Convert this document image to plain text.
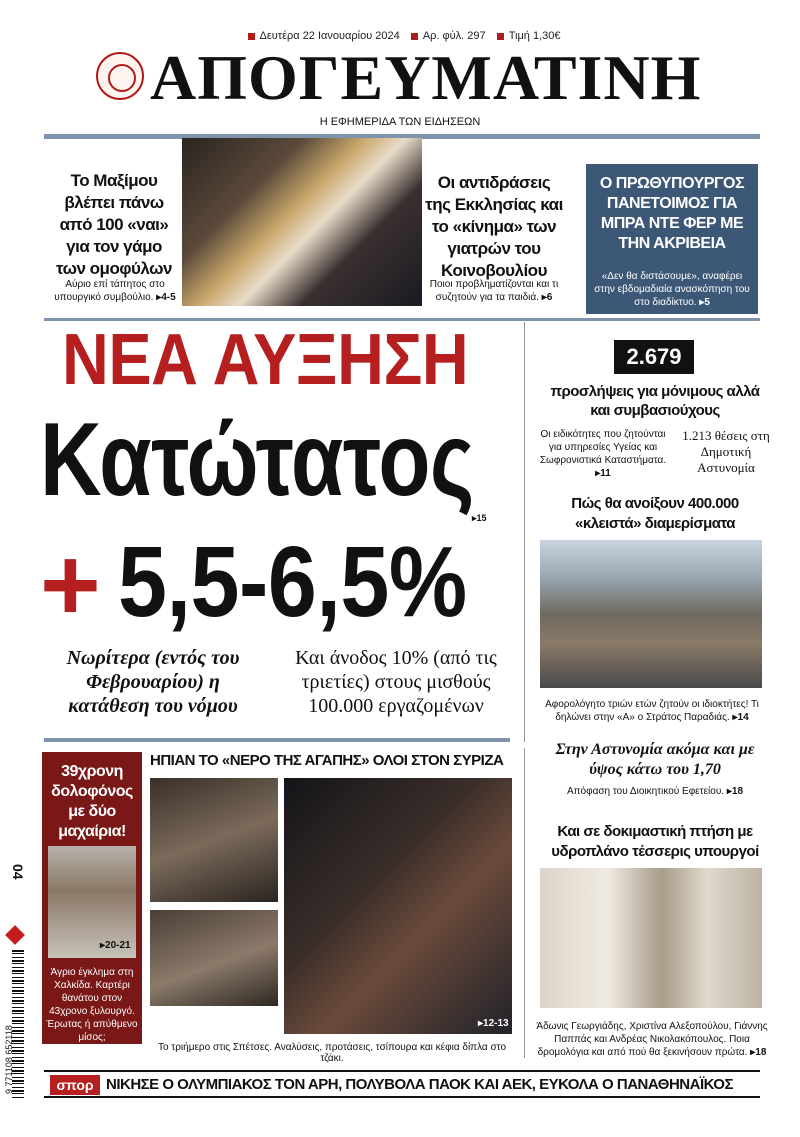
Δευτέρα 22 Ιανουαρίου 2024 Αρ. φύλ. 297 Τιμή 1,30€
ΑΠΟΓΕΥΜΑΤΙΝΗ
Η ΕΦΗΜΕΡΙΔΑ ΤΩΝ ΕΙΔΗΣΕΩΝ
Το Μαξίμου βλέπει πάνω από 100 «ναι» για τον γάμο των ομοφύλων
Αύριο επί τάπητος στο υπουργικό συμβούλιο. ▸4-5
Οι αντιδράσεις της Εκκλησίας και το «κίνημα» των γιατρών του Κοινοβουλίου
Ποιοι προβληματίζονται και τι συζητούν για τα παιδιά. ▸6
Ο ΠΡΩΘΥΠΟΥΡΓΟΣ ΠΑΝΕΤΟΙΜΟΣ ΓΙΑ ΜΠΡΑ ΝΤΕ ΦΕΡ ΜΕ ΤΗΝ ΑΚΡΙΒΕΙΑ
«Δεν θα διστάσουμε», αναφέρει στην εβδομαδιαία ανασκόπηση του στο διαδίκτυο. ▸5
ΝΕΑ ΑΥΞΗΣΗ
Κατώτατος
▸15
+ 5,5-6,5%
Νωρίτερα (εντός του Φεβρουαρίου) η κατάθεση του νόμου
Και άνοδος 10% (από τις τριετίες) στους μισθούς 100.000 εργαζομένων
2.679
προσλήψεις για μόνιμους αλλά και συμβασιούχους
Οι ειδικότητες που ζητούνται για υπηρεσίες Υγείας και Σωφρονιστικά Καταστήματα. ▸11
1.213 θέσεις στη Δημοτική Αστυνομία
Πώς θα ανοίξουν 400.000 «κλειστά» διαμερίσματα
Αφορολόγητο τριών ετών ζητούν οι ιδιοκτήτες! Τι δηλώνει στην «Α» ο Στράτος Παραδιάς. ▸14
Στην Αστυνομία ακόμα και με ύψος κάτω του 1,70
Απόφαση του Διοικητικού Εφετείου. ▸18
Και σε δοκιμαστική πτήση με υδροπλάνο τέσσερις υπουργοί
Άδωνις Γεωργιάδης, Χριστίνα Αλεξοπούλου, Γιάννης Παππάς και Ανδρέας Νικολακόπουλος. Ποια δρομολόγια και από πού θα ξεκινήσουν πρώτα. ▸18
39χρονη δολοφόνος με δύο μαχαίρια!
▸20-21
Άγριο έγκλημα στη Χαλκίδα. Καρτέρι θανάτου στον 43χρονο ξυλουργό. Έρωτας ή απύθμενο μίσος;
ΗΠΙΑΝ ΤΟ «ΝΕΡΟ ΤΗΣ ΑΓΑΠΗΣ» ΟΛΟΙ ΣΤΟΝ ΣΥΡΙΖΑ
▸12-13
Το τριήμερο στις Σπέτσες. Αναλύσεις, προτάσεις, τσίπουρα και κέφια δίπλα στο τζάκι.
04
9 771108 652118	σπορ ΝΙΚΗΣΕ Ο ΟΛΥΜΠΙΑΚΟΣ ΤΟΝ ΑΡΗ, ΠΟΛΥΒΟΛΑ ΠΑΟΚ ΚΑΙ ΑΕΚ, ΕΥΚΟΛΑ Ο ΠΑΝΑΘΗΝΑΪΚΟΣ
